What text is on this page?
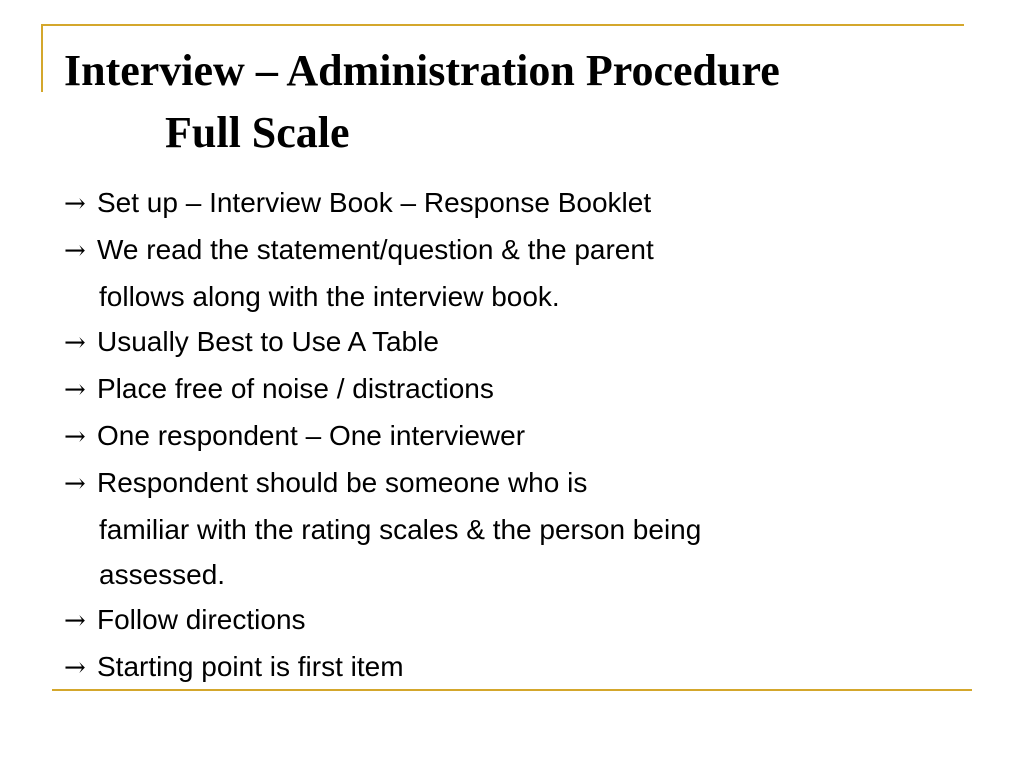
Interview – Administration Procedure
Full Scale
→ Set up – Interview Book – Response Booklet
→ We read the statement/question & the parent
follows along with the interview book.
→ Usually Best to Use A Table
→ Place free of noise / distractions
→ One respondent – One interviewer
→ Respondent should be someone who is
familiar with the rating scales & the person being
assessed.
→ Follow directions
→ Starting point is first item
